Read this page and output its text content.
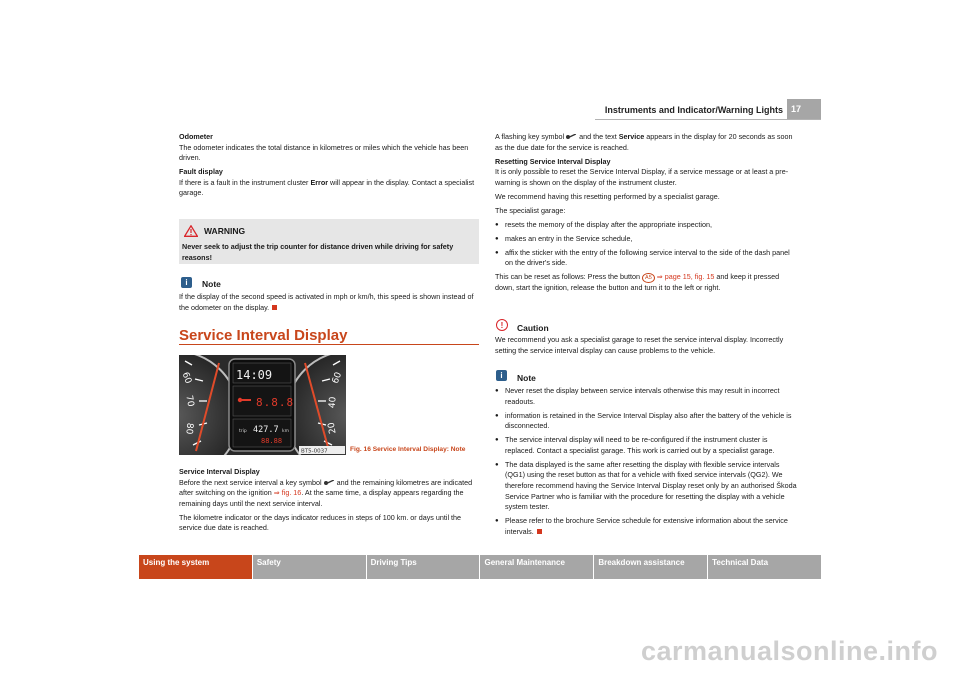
Instruments and Indicator/Warning Lights 17

Odometer
The odometer indicates the total distance in kilometres or miles which the vehicle has been driven.

Fault display
If there is a fault in the instrument cluster Error will appear in the display. Contact a specialist garage.

WARNING
Never seek to adjust the trip counter for distance driven while driving for safety reasons!
i	Note
If the display of the second speed is activated in mph or km/h, this speed is shown instead of the odometer on the display.
Service Interval Display
60
70
80
60
40
20
14:09
8.8.8
trip 427.7 km
88.88
BT5-0037	Fig. 16 Service Interval Display: Note

Service Interval Display
Before the next service interval a key symbol and the remaining kilometres are indicated after switching on the ignition ⇒ fig. 16. At the same time, a display appears regarding the remaining days until the next service interval.

The kilometre indicator or the days indicator reduces in steps of 100 km. or days until the service due date is reached.

A flashing key symbol and the text Service appears in the display for 20 seconds as soon as the due date for the service is reached.

Resetting Service Interval Display
It is only possible to reset the Service Interval Display, if a service message or at least a pre-warning is shown on the display of the instrument cluster.

We recommend having this resetting performed by a specialist garage.

The specialist garage:

● resets the memory of the display after the appropriate inspection,

● makes an entry in the Service schedule,

● affix the sticker with the entry of the following service interval to the side of the dash panel on the driver's side.

This can be reset as follows: Press the button A5 ⇒ page 15, fig. 15 and keep it pressed down, start the ignition, release the button and turn it to the left or right.

!	Caution
We recommend you ask a specialist garage to reset the service interval display. Incorrectly setting the service interval display can cause problems to the vehicle.
i	Note

● Never reset the display between service intervals otherwise this may result in incorrect readouts.

● information is retained in the Service Interval Display also after the battery of the vehicle is disconnected.

● The service interval display will need to be re-configured if the instrument cluster is replaced. Contact a specialist garage. This work is carried out by a specialist garage.

● The data displayed is the same after resetting the display with flexible service intervals (QG1) using the reset button as that for a vehicle with fixed service intervals (QG2). We therefore recommend having the Service Interval Display reset only by an authorised Škoda Service Partner who is familiar with the procedure for resetting the display with a vehicle system tester.

● Please refer to the brochure Service schedule for extensive information about the service intervals.

Using the system	Safety	Driving Tips	General Maintenance	Breakdown assistance	Technical Data
carmanualsonline.info
